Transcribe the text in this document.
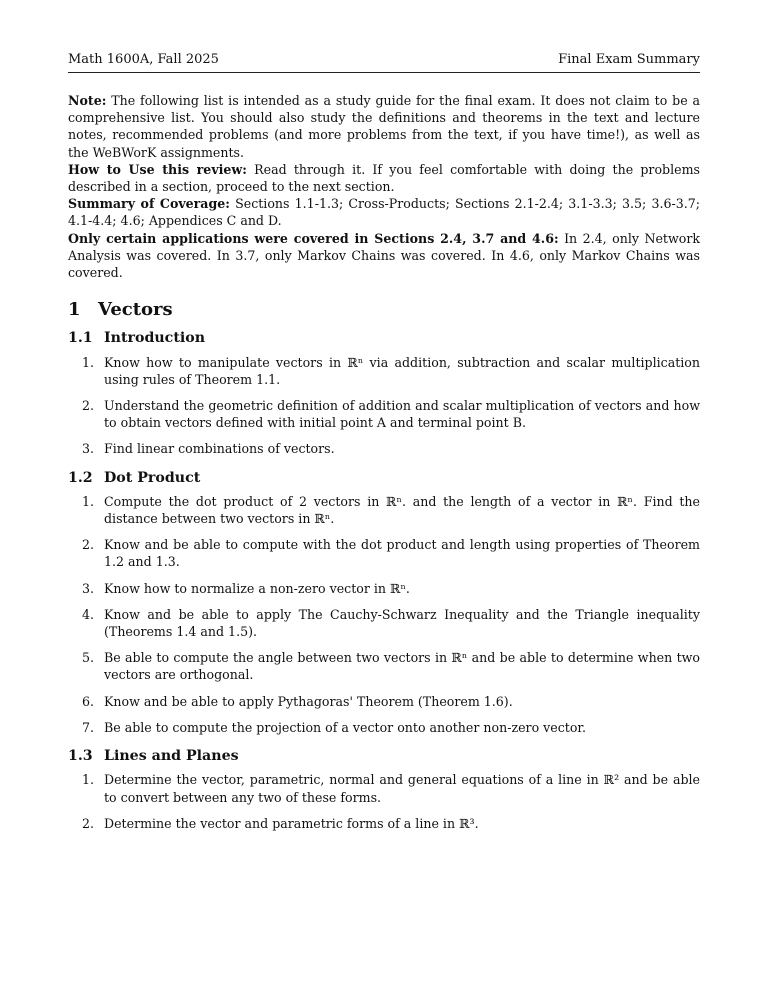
Math 1600A, Fall 2025	Final Exam Summary

Note: The following list is intended as a study guide for the final exam. It does not claim to be a comprehensive list. You should also study the definitions and theorems in the text and lecture notes, recommended problems (and more problems from the text, if you have time!), as well as the WeBWorK assignments.

How to Use this review: Read through it. If you feel comfortable with doing the problems described in a section, proceed to the next section.

Summary of Coverage: Sections 1.1-1.3; Cross-Products; Sections 2.1-2.4; 3.1-3.3; 3.5; 3.6-3.7; 4.1-4.4; 4.6; Appendices C and D.

Only certain applications were covered in Sections 2.4, 3.7 and 4.6: In 2.4, only Network Analysis was covered. In 3.7, only Markov Chains was covered. In 4.6, only Markov Chains was covered.

1 Vectors
1.1 Introduction
1. Know how to manipulate vectors in ℝⁿ via addition, subtraction and scalar multiplication using rules of Theorem 1.1.
2. Understand the geometric definition of addition and scalar multiplication of vectors and how to obtain vectors defined with initial point A and terminal point B.
3. Find linear combinations of vectors.
1.2 Dot Product
1. Compute the dot product of 2 vectors in ℝⁿ. and the length of a vector in ℝⁿ. Find the distance between two vectors in ℝⁿ.
2. Know and be able to compute with the dot product and length using properties of Theorem 1.2 and 1.3.
3. Know how to normalize a non-zero vector in ℝⁿ.
4. Know and be able to apply The Cauchy-Schwarz Inequality and the Triangle inequality (Theorems 1.4 and 1.5).
5. Be able to compute the angle between two vectors in ℝⁿ and be able to determine when two vectors are orthogonal.
6. Know and be able to apply Pythagoras' Theorem (Theorem 1.6).
7. Be able to compute the projection of a vector onto another non-zero vector.
1.3 Lines and Planes
1. Determine the vector, parametric, normal and general equations of a line in ℝ² and be able to convert between any two of these forms.
2. Determine the vector and parametric forms of a line in ℝ³.
